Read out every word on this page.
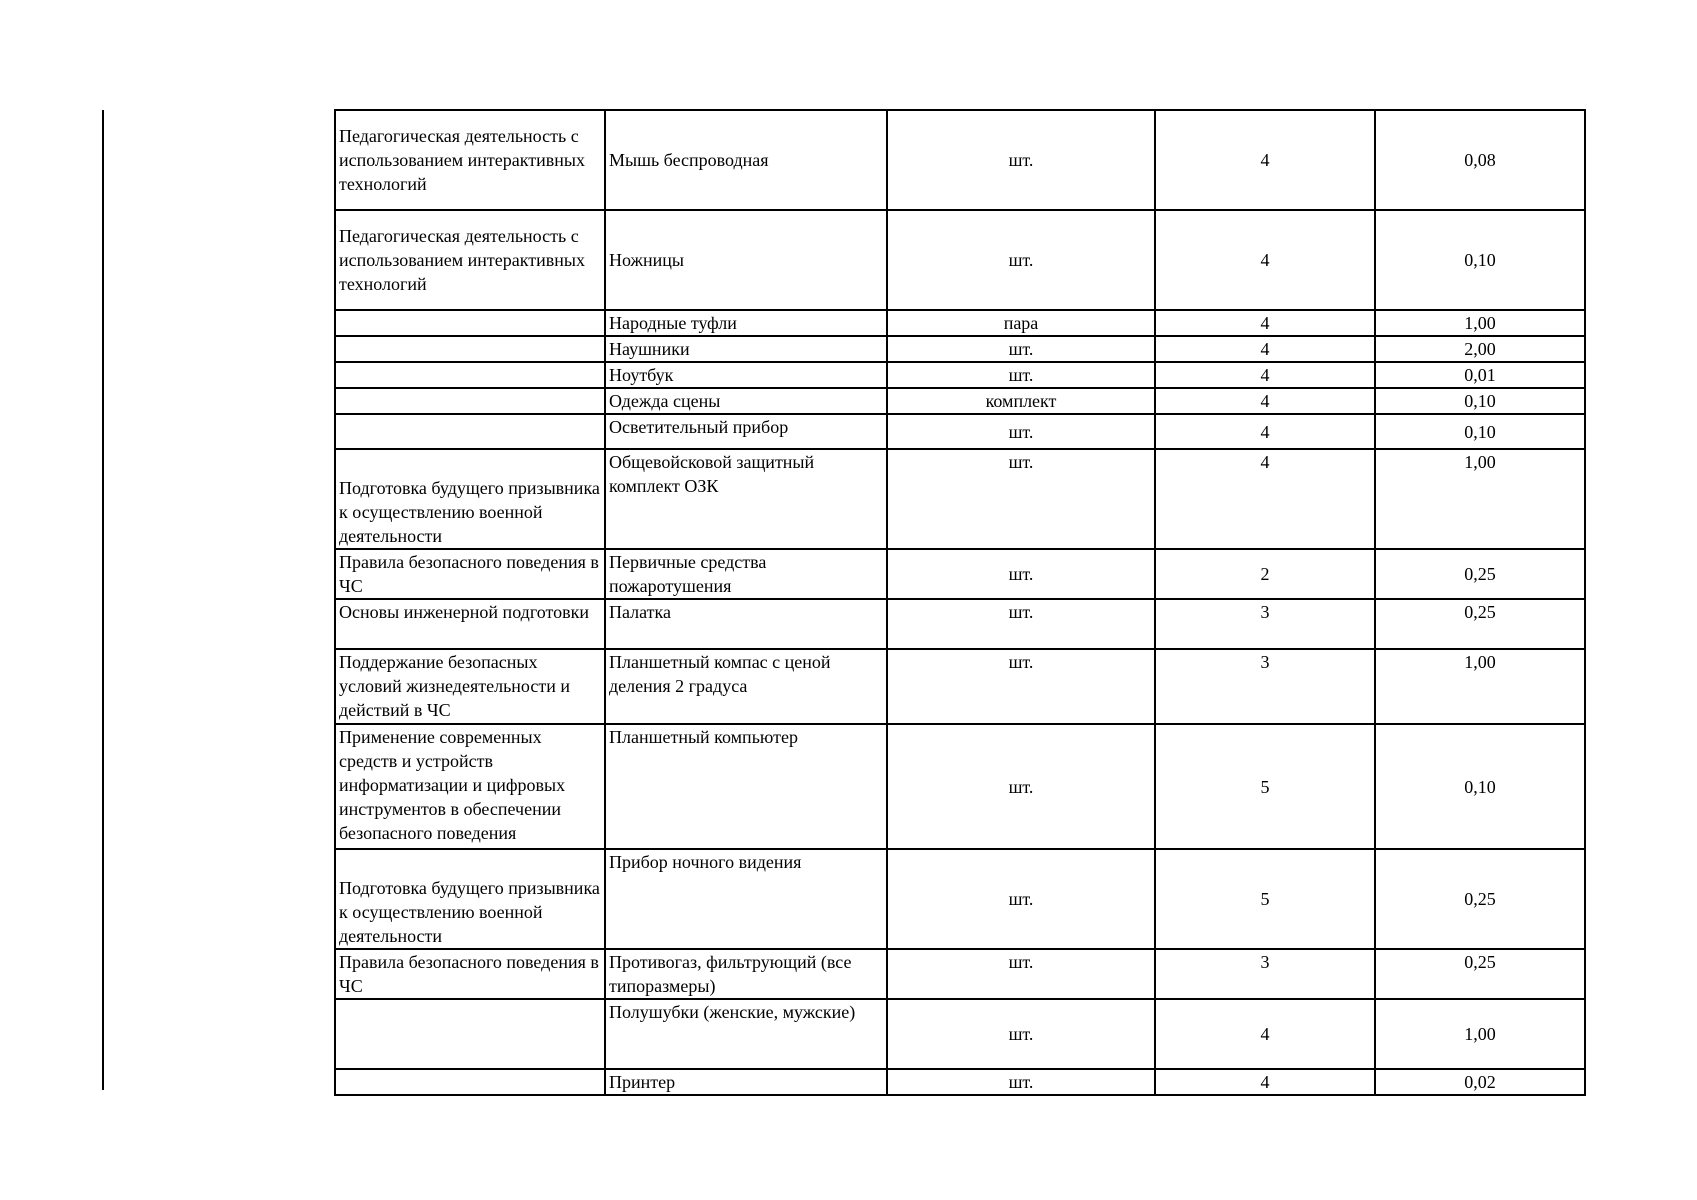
Педагогическая деятельность с использованием интерактивных технологий	Мышь беспроводная	шт.	4	0,08
Педагогическая деятельность с использованием интерактивных технологий	Ножницы	шт.	4	0,10
	Народные туфли	пара	4	1,00
	Наушники	шт.	4	2,00
	Ноутбук	шт.	4	0,01
	Одежда сцены	комплект	4	0,10
	Осветительный прибор	шт.	4	0,10
Подготовка будущего призывника к осуществлению военной деятельности	Общевойсковой защитный комплект ОЗК	шт.	4	1,00
Правила безопасного поведения в ЧС	Первичные средства пожаротушения	шт.	2	0,25
Основы инженерной подготовки	Палатка	шт.	3	0,25
Поддержание безопасных условий жизнедеятельности и действий в ЧС	Планшетный компас с ценой деления 2 градуса	шт.	3	1,00
Применение современных средств и устройств информатизации и цифровых инструментов в обеспечении безопасного поведения	Планшетный компьютер	шт.	5	0,10
Подготовка будущего призывника к осуществлению военной деятельности	Прибор ночного видения	шт.	5	0,25
Правила безопасного поведения в ЧС	Противогаз, фильтрующий (все типоразмеры)	шт.	3	0,25
	Полушубки (женские, мужские)	шт.	4	1,00
	Принтер	шт.	4	0,02
